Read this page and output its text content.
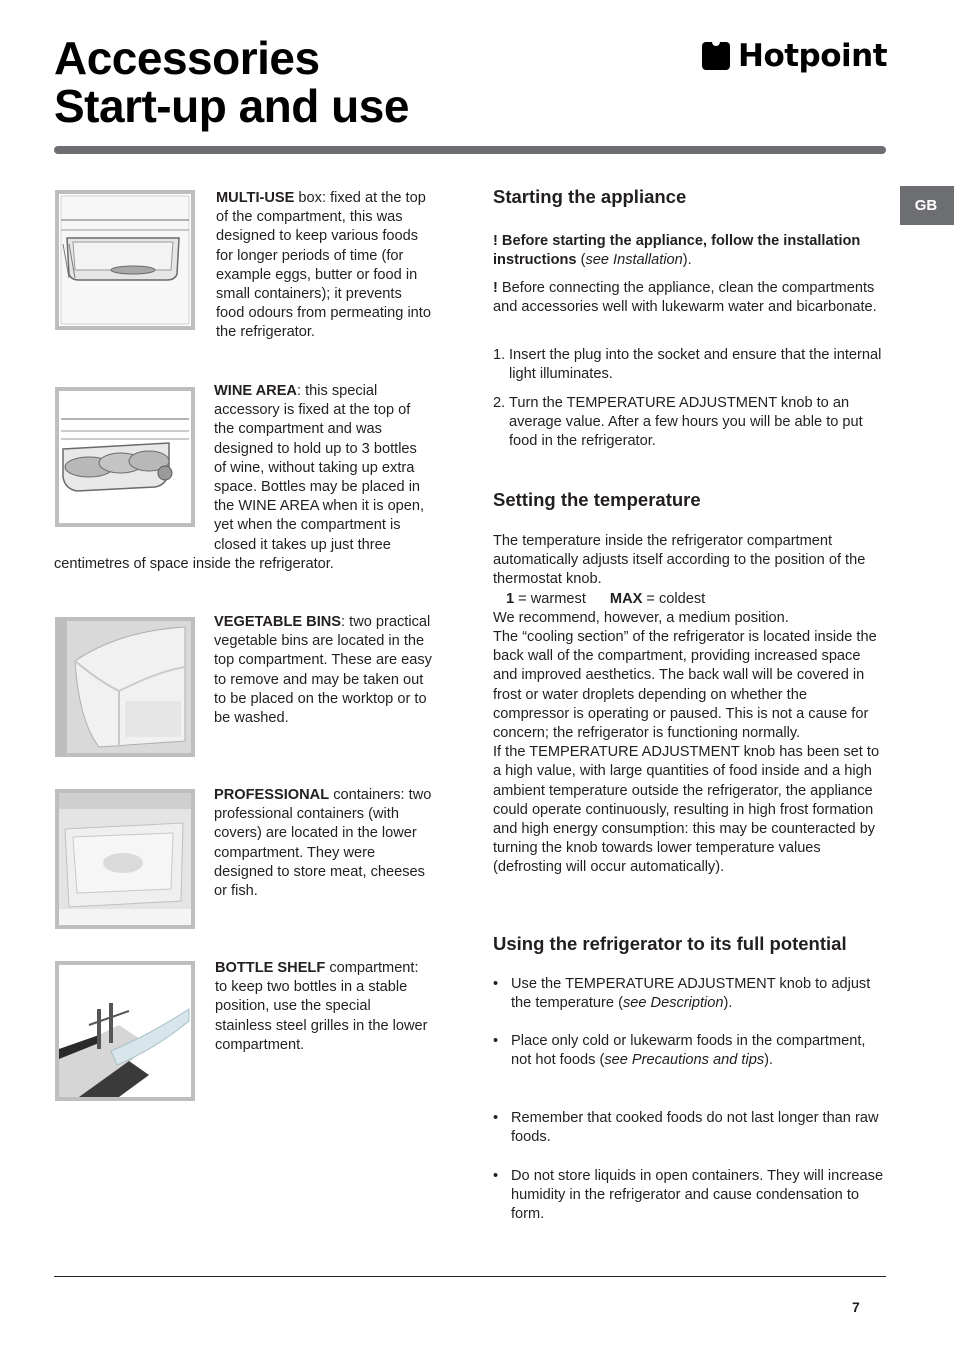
Accessories
Start-up and use
Hotpoint
GB
MULTI-USE box: fixed at the top
of the compartment, this was
designed to keep various foods
for longer periods of time (for
example eggs, butter or food in
small containers); it prevents
food odours from permeating into
the refrigerator.
WINE AREA: this special
accessory is fixed at the top of
the compartment and was
designed to hold up to 3 bottles
of wine, without taking up extra
space. Bottles may be placed in
the WINE AREA when it is open,
yet when the compartment is
closed it takes up just three
centimetres of space inside the refrigerator.
VEGETABLE BINS: two practical
vegetable bins are located in the
top compartment. These are easy
to remove and may be taken out
to be placed on the worktop or to
be washed.
PROFESSIONAL containers: two
professional containers (with
covers) are located in the lower
compartment. They were
designed to store meat, cheeses
or fish.
BOTTLE SHELF compartment:
to keep two bottles in a stable
position, use the special
stainless steel grilles in the lower
compartment.
Starting the appliance

! Before starting the appliance, follow the installation instructions (see Installation).

! Before connecting the appliance, clean the compartments and accessories well with lukewarm water and bicarbonate.

1. Insert the plug into the socket and ensure that the internal light illuminates.
2. Turn the TEMPERATURE ADJUSTMENT knob to an average value. After a few hours you will be able to put food in the refrigerator.
Setting the temperature

The temperature inside the refrigerator compartment automatically adjusts itself according to the position of the thermostat knob.

1 = warmest MAX = coldest

We recommend, however, a medium position.

The “cooling section” of the refrigerator is located inside the back wall of the compartment, providing increased space and improved aesthetics. The back wall will be covered in frost or water droplets depending on whether the compressor is operating or paused. This is not a cause for concern; the refrigerator is functioning normally.

If the TEMPERATURE ADJUSTMENT knob has been set to a high value, with large quantities of food inside and a high ambient temperature outside the refrigerator, the appliance could operate continuously, resulting in high frost formation and high energy consumption: this may be counteracted by turning the knob towards lower temperature values (defrosting will occur automatically).

Using the refrigerator to its full potential
• Use the TEMPERATURE ADJUSTMENT knob to adjust the temperature (see Description).
• Place only cold or lukewarm foods in the compartment, not hot foods (see Precautions and tips).
• Remember that cooked foods do not last longer than raw foods.
• Do not store liquids in open containers. They will increase humidity in the refrigerator and cause condensation to form.
7
